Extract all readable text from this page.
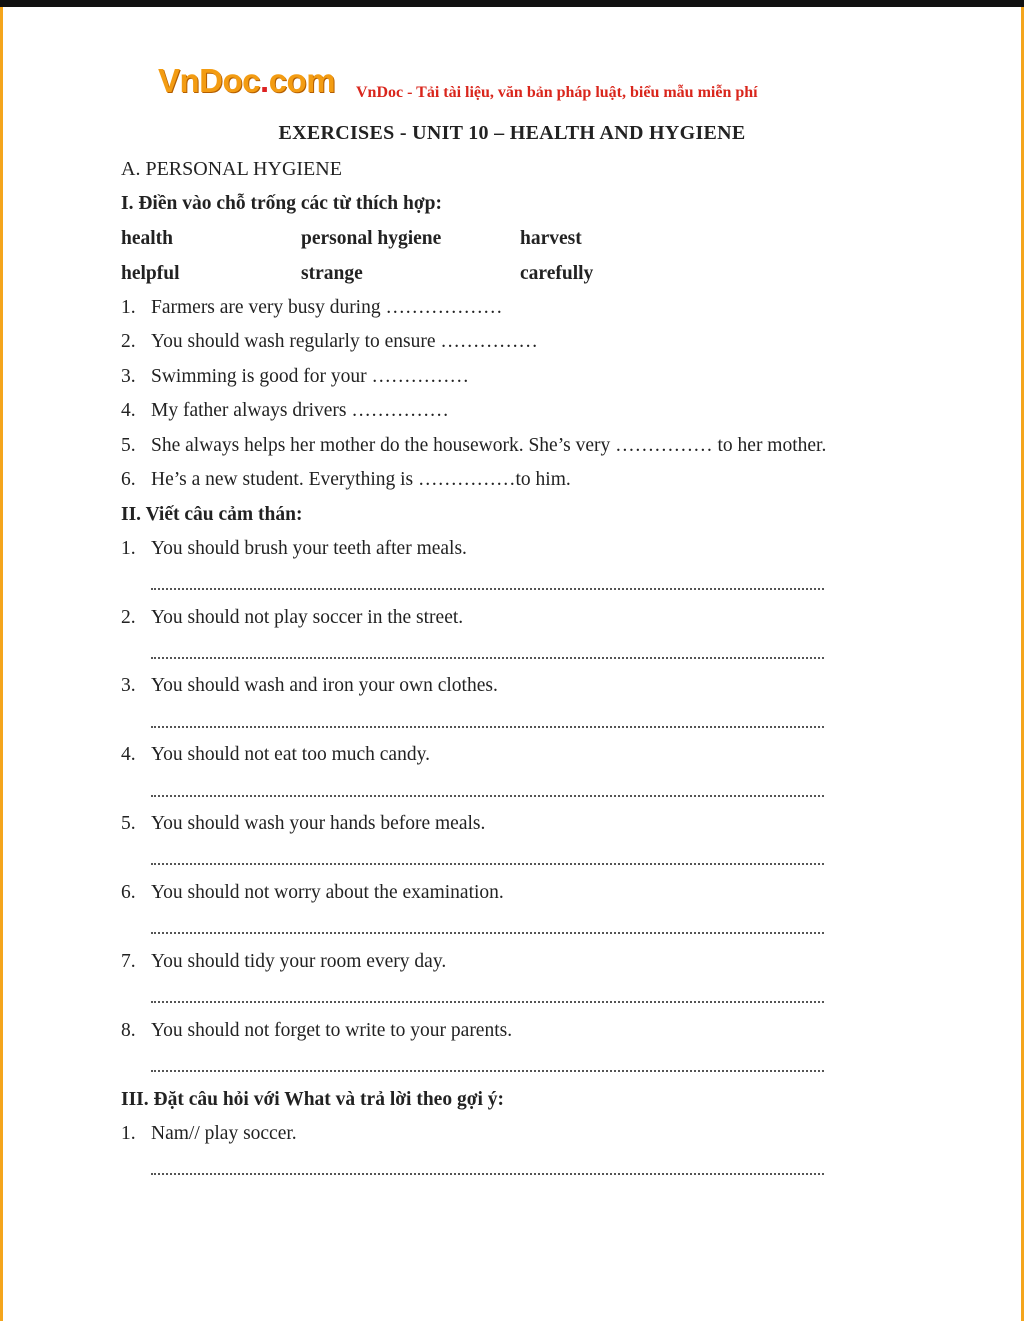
VnDoc . com VnDoc - Tải tài liệu, văn bản pháp luật, biểu mẫu miễn phí
EXERCISES - UNIT 10 – HEALTH AND HYGIENE
A. PERSONAL HYGIENE
I. Điền vào chỗ trống các từ thích hợp:
health	personal hygiene	harvest
helpful	strange	carefully
1. Farmers are very busy during ………………
2. You should wash regularly to ensure ……………
3. Swimming is good for your ……………
4. My father always drivers ……………
5. She always helps her mother do the housework. She’s very …………… to her mother.
6. He’s a new student. Everything is ……………to him.
II. Viết câu cảm thán:
1. You should brush your teeth after meals.
2. You should not play soccer in the street.
3. You should wash and iron your own clothes.
4. You should not eat too much candy.
5. You should wash your hands before meals.
6. You should not worry about the examination.
7. You should tidy your room every day.
8. You should not forget to write to your parents.
III. Đặt câu hỏi với What và trả lời theo gợi ý:
1. Nam// play soccer.
